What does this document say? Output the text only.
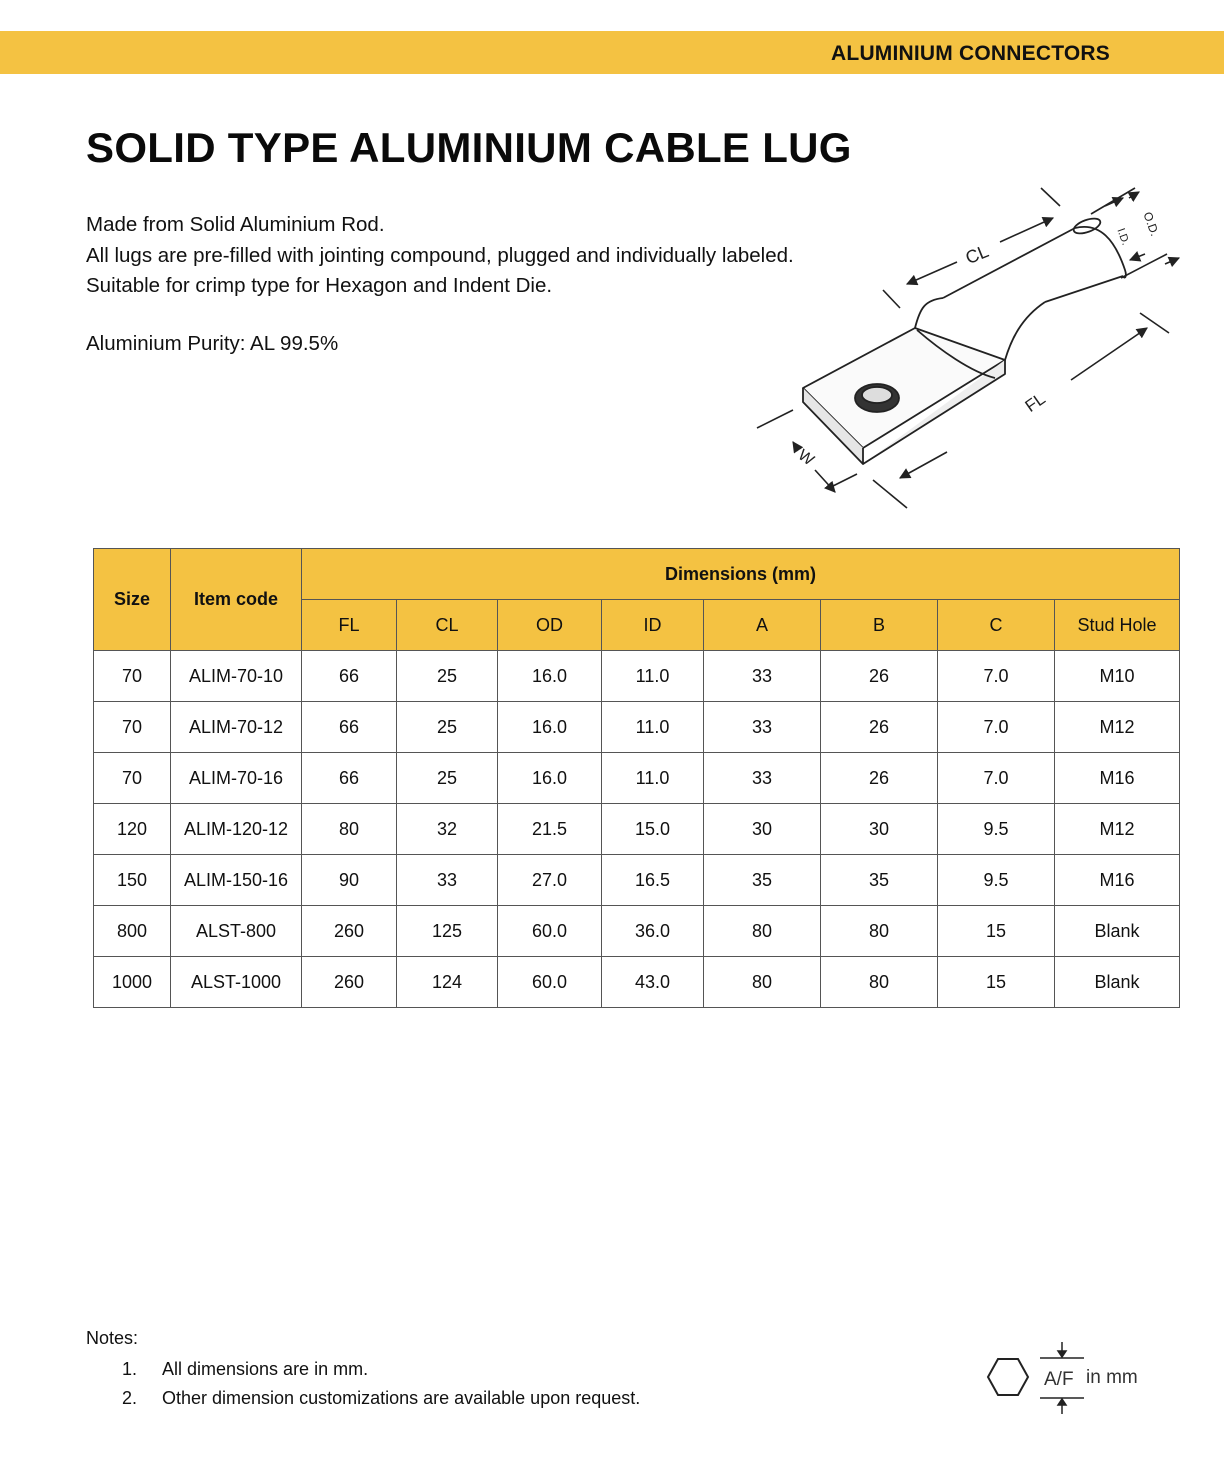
ALUMINIUM CONNECTORS
SOLID TYPE ALUMINIUM CABLE LUG
Made from Solid Aluminium Rod.
All lugs are pre-filled with jointing compound, plugged and individually labeled.
Suitable for crimp type for Hexagon and Indent Die.
Aluminium Purity: AL 99.5%
CL
FL
W
O.D.
I.D.
Size	Item code	Dimensions (mm)							
		FL	CL	OD	ID	A	B	C	Stud Hole
70	ALIM-70-10	66	25	16.0	11.0	33	26	7.0	M10
70	ALIM-70-12	66	25	16.0	11.0	33	26	7.0	M12
70	ALIM-70-16	66	25	16.0	11.0	33	26	7.0	M16
120	ALIM-120-12	80	32	21.5	15.0	30	30	9.5	M12
150	ALIM-150-16	90	33	27.0	16.5	35	35	9.5	M16
800	ALST-800	260	125	60.0	36.0	80	80	15	Blank
1000	ALST-1000	260	124	60.0	43.0	80	80	15	Blank
Notes:
1.	All dimensions are in mm.
2.	Other dimension customizations are available upon request.
A/F in mm
